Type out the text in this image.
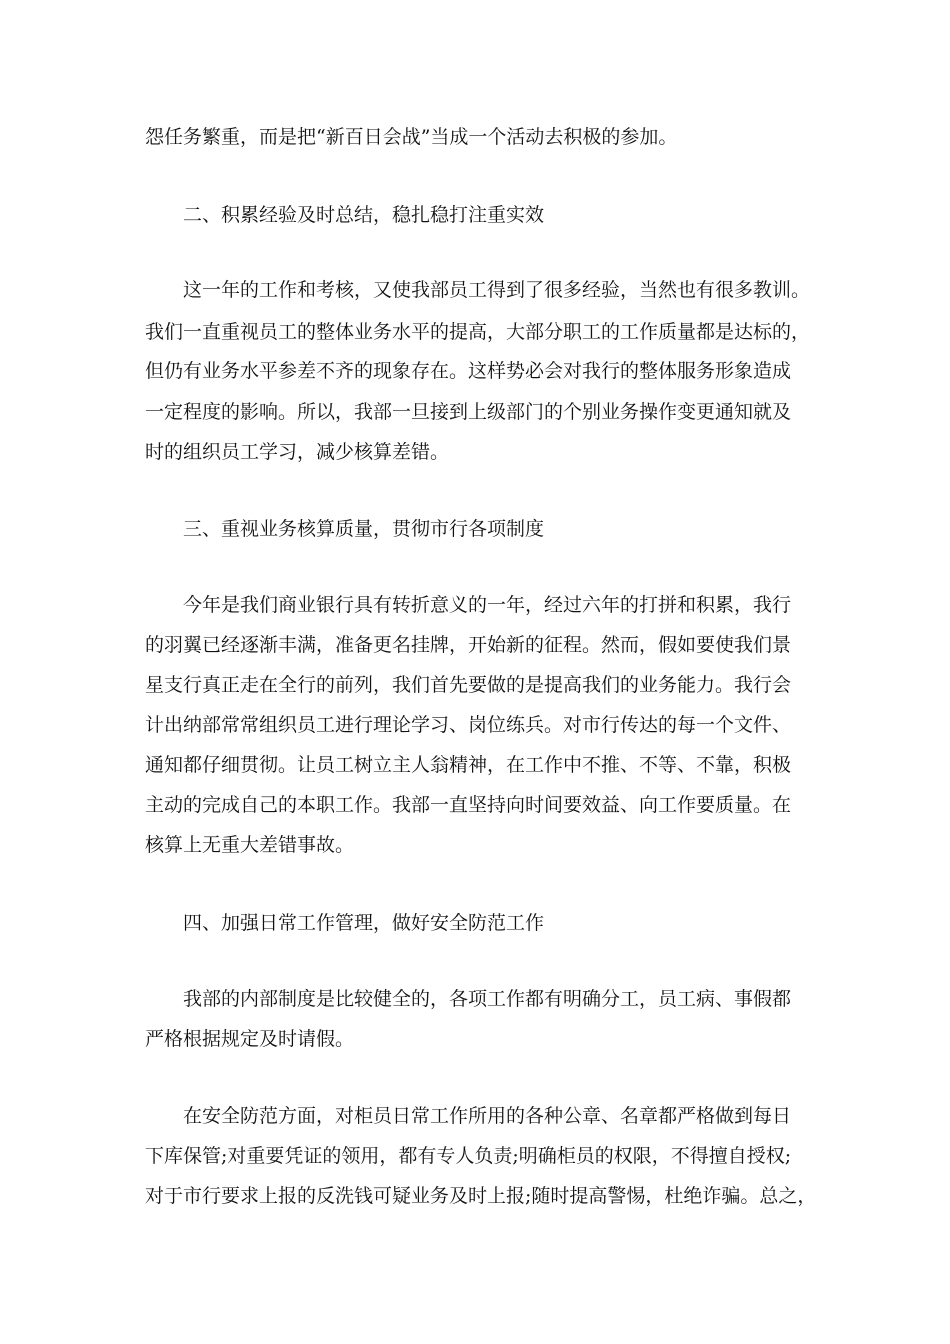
怨任务繁重，而是把“新百日会战”当成一个活动去积极的参加。
二、积累经验及时总结，稳扎稳打注重实效
这一年的工作和考核，又使我部员工得到了很多经验，当然也有很多教训。
我们一直重视员工的整体业务水平的提高，大部分职工的工作质量都是达标的，
但仍有业务水平参差不齐的现象存在。这样势必会对我行的整体服务形象造成
一定程度的影响。所以，我部一旦接到上级部门的个别业务操作变更通知就及
时的组织员工学习，减少核算差错。
三、重视业务核算质量，贯彻市行各项制度
今年是我们商业银行具有转折意义的一年，经过六年的打拼和积累，我行
的羽翼已经逐渐丰满，准备更名挂牌，开始新的征程。然而，假如要使我们景
星支行真正走在全行的前列，我们首先要做的是提高我们的业务能力。我行会
计出纳部常常组织员工进行理论学习、岗位练兵。对市行传达的每一个文件、
通知都仔细贯彻。让员工树立主人翁精神，在工作中不推、不等、不靠，积极
主动的完成自己的本职工作。我部一直坚持向时间要效益、向工作要质量。在
核算上无重大差错事故。
四、加强日常工作管理，做好安全防范工作
我部的内部制度是比较健全的，各项工作都有明确分工，员工病、事假都
严格根据规定及时请假。
在安全防范方面，对柜员日常工作所用的各种公章、名章都严格做到每日
下库保管;对重要凭证的领用，都有专人负责;明确柜员的权限，不得擅自授权;
对于市行要求上报的反洗钱可疑业务及时上报;随时提高警惕，杜绝诈骗。总之，
